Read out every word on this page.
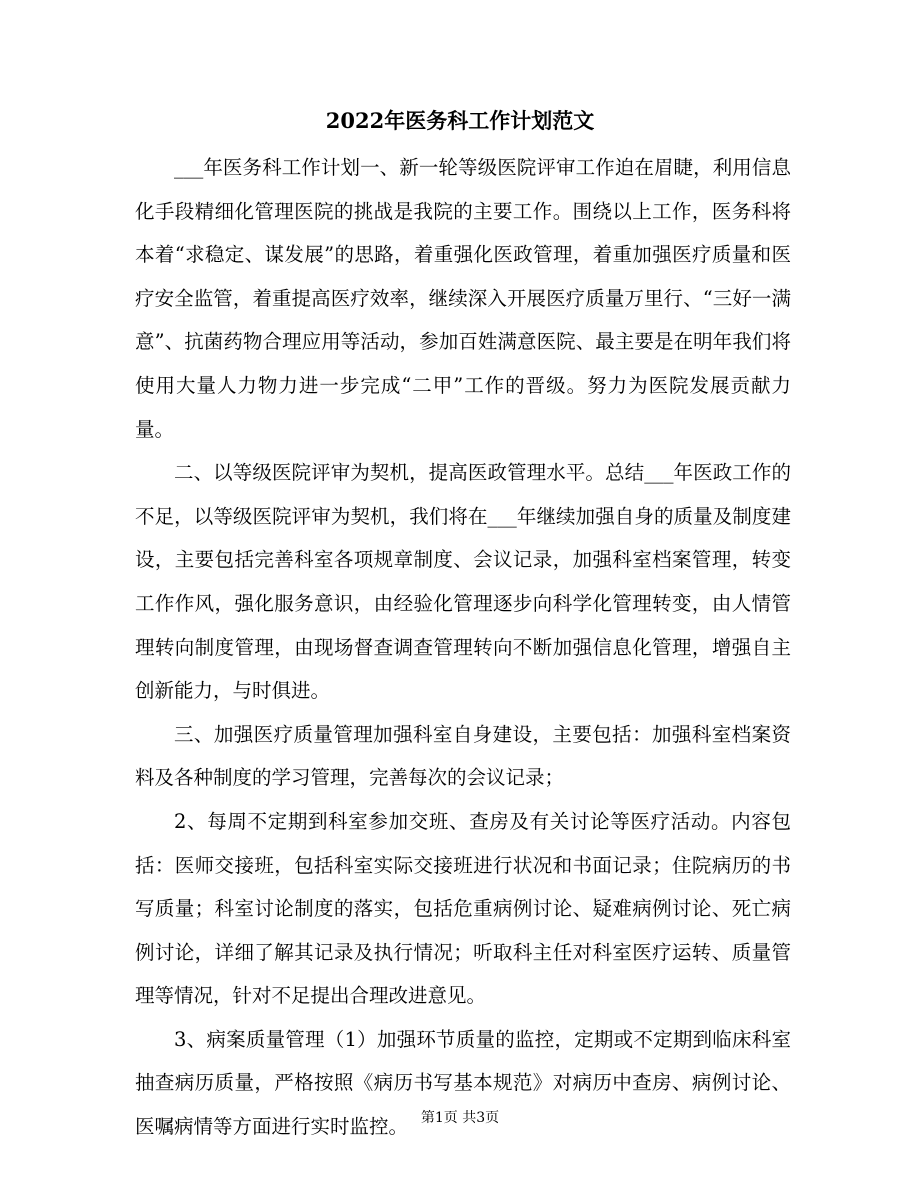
2022年医务科工作计划范文

___年医务科工作计划一、新一轮等级医院评审工作迫在眉睫，利用信息化手段精细化管理医院的挑战是我院的主要工作。围绕以上工作，医务科将本着“求稳定、谋发展”的思路，着重强化医政管理，着重加强医疗质量和医疗安全监管，着重提高医疗效率，继续深入开展医疗质量万里行、“三好一满意”、抗菌药物合理应用等活动，参加百姓满意医院、最主要是在明年我们将使用大量人力物力进一步完成“二甲”工作的晋级。努力为医院发展贡献力量。

二、以等级医院评审为契机，提高医政管理水平。总结___年医政工作的不足，以等级医院评审为契机，我们将在___年继续加强自身的质量及制度建设，主要包括完善科室各项规章制度、会议记录，加强科室档案管理，转变工作作风，强化服务意识，由经验化管理逐步向科学化管理转变，由人情管理转向制度管理，由现场督查调查管理转向不断加强信息化管理，增强自主创新能力，与时俱进。

三、加强医疗质量管理加强科室自身建设，主要包括：加强科室档案资料及各种制度的学习管理，完善每次的会议记录；

2、每周不定期到科室参加交班、查房及有关讨论等医疗活动。内容包括：医师交接班，包括科室实际交接班进行状况和书面记录；住院病历的书写质量；科室讨论制度的落实，包括危重病例讨论、疑难病例讨论、死亡病例讨论，详细了解其记录及执行情况；听取科主任对科室医疗运转、质量管理等情况，针对不足提出合理改进意见。

3、病案质量管理（1）加强环节质量的监控，定期或不定期到临床科室抽查病历质量，严格按照《病历书写基本规范》对病历中查房、病例讨论、医嘱病情等方面进行实时监控。 第1页 共3页
